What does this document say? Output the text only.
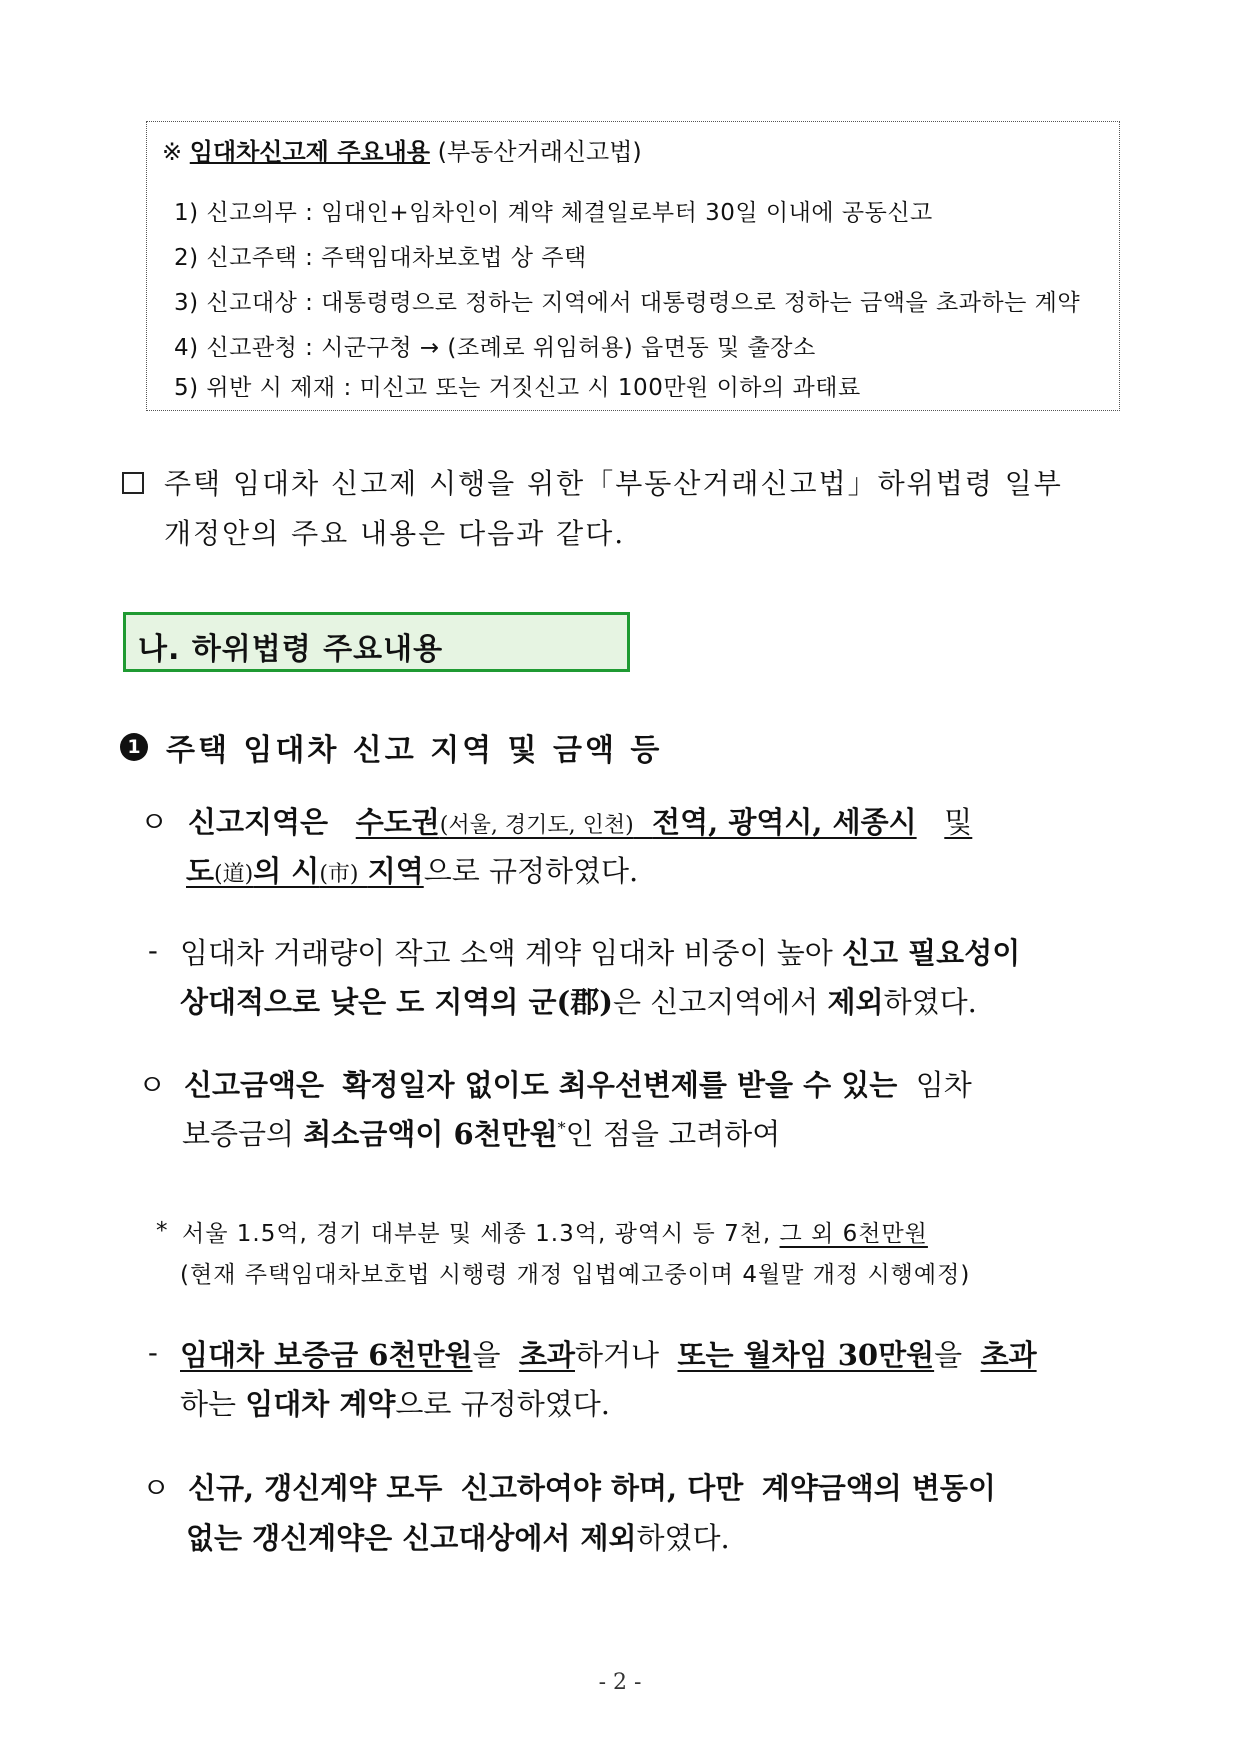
※ 임대차신고제 주요내용 (부동산거래신고법)
1) 신고의무 : 임대인+임차인이 계약 체결일로부터 30일 이내에 공동신고
2) 신고주택 : 주택임대차보호법 상 주택
3) 신고대상 : 대통령령으로 정하는 지역에서 대통령령으로 정하는 금액을 초과하는 계약
4) 신고관청 : 시군구청 → (조례로 위임허용) 읍면동 및 출장소
5) 위반 시 제재 : 미신고 또는 거짓신고 시 100만원 이하의 과태료
주택 임대차 신고제 시행을 위한「부동산거래신고법」하위법령 일부
개정안의 주요 내용은 다음과 같다.
나. 하위법령 주요내용
1 주택 임대차 신고 지역 및 금액 등
ㅇ 신고지역은 수도권(서울, 경기도, 인천) 전역, 광역시, 세종시 및
도(道)의 시(市) 지역으로 규정하였다.
- 임대차 거래량이 작고 소액 계약 임대차 비중이 높아 신고 필요성이
상대적으로 낮은 도 지역의 군(郡)은 신고지역에서 제외하였다.
ㅇ 신고금액은 확정일자 없이도 최우선변제를 받을 수 있는 임차
보증금의 최소금액이 6천만원*인 점을 고려하여
* 서울 1.5억, 경기 대부분 및 세종 1.3억, 광역시 등 7천, 그 외 6천만원
(현재 주택임대차보호법 시행령 개정 입법예고중이며 4월말 개정 시행예정)
- 임대차 보증금 6천만원을 초과하거나 또는 월차임 30만원을 초과
하는 임대차 계약으로 규정하였다.
ㅇ 신규, 갱신계약 모두 신고하여야 하며, 다만 계약금액의 변동이
없는 갱신계약은 신고대상에서 제외하였다.
- 2 -
